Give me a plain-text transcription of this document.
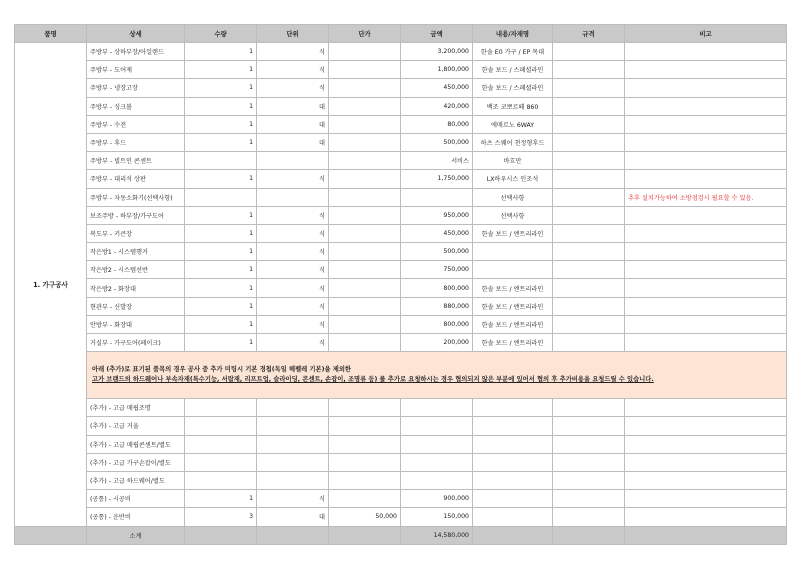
품명	상세	수량	단위	단가	금액	내용/자재명	규격	비고
1. 가구공사	주방부 - 상하부장/아일랜드	1	식		3,200,000	한솔 E0 가구 / EP 목대		
	주방부 - 도어재	1	식		1,800,000	한솔 보드 / 스페셜라인		
	주방부 - 냉장고장	1	식		450,000	한솔 보드 / 스페셜라인		
	주방부 - 싱크볼	1	대		420,000	백조 코뽀르떼 860		
	주방부 - 수전	1	대		80,000	에매르노 6WAY		
	주방부 - 후드	1	대		500,000	하츠 스퀘어 천정형후드		
	주방부 - 빌트인 콘센트				서비스	바흐만		
	주방부 - 대리석 상판	1	식		1,750,000	LX하우시스 인조석		
	주방부 - 자동소화기(선택사항)					선택사항		추후 설치가능하여 소방점검시 필요할 수 있음.
	보조주방 - 하부장/가구도어	1	식		950,000	선택사항		
	복도부 - 키큰장	1	식		450,000	한솔 보드 / 엔트리라인		
	작은방1 - 시스템행거	1	식		500,000			
	작은방2 - 시스템선반	1	식		750,000			
	작은방2 - 화장대	1	식		800,000	한솔 보드 / 엔트리라인		
	현관부 - 신발장	1	식		880,000	한솔 보드 / 엔트리라인		
	안방부 - 화장대	1	식		800,000	한솔 보드 / 엔트리라인		
	거실부 - 가구도어(페이크)	1	식		200,000	한솔 보드 / 엔트리라인		

	아래 (추가)로 표기된 품목의 경우 공사 중 추가 미팅시 기본 경첩(독일 헤펠레 기본)을 제외한
고가 브랜드의 하드웨어나 부속자재(특수기능, 서랍재, 리프트업, 슬라이딩, 콘센트, 손잡이, 조명류 등) 를 추가로 요청하시는 경우 협의되지 않은 부분에 있어서 협의 후 추가비용을 요청드릴 수 있습니다.							

	(추가) - 고급 매립조명							
	(추가) - 고급 거울							
	(추가) - 고급 매립콘센트/별도							
	(추가) - 고급 가구손잡이/별도							
	(추가) - 고급 하드웨어/별도							
	(공통) - 시공비	1	식		900,000			
	(공통) - 운반비	3	대	50,000	150,000			
	소계				14,580,000			
